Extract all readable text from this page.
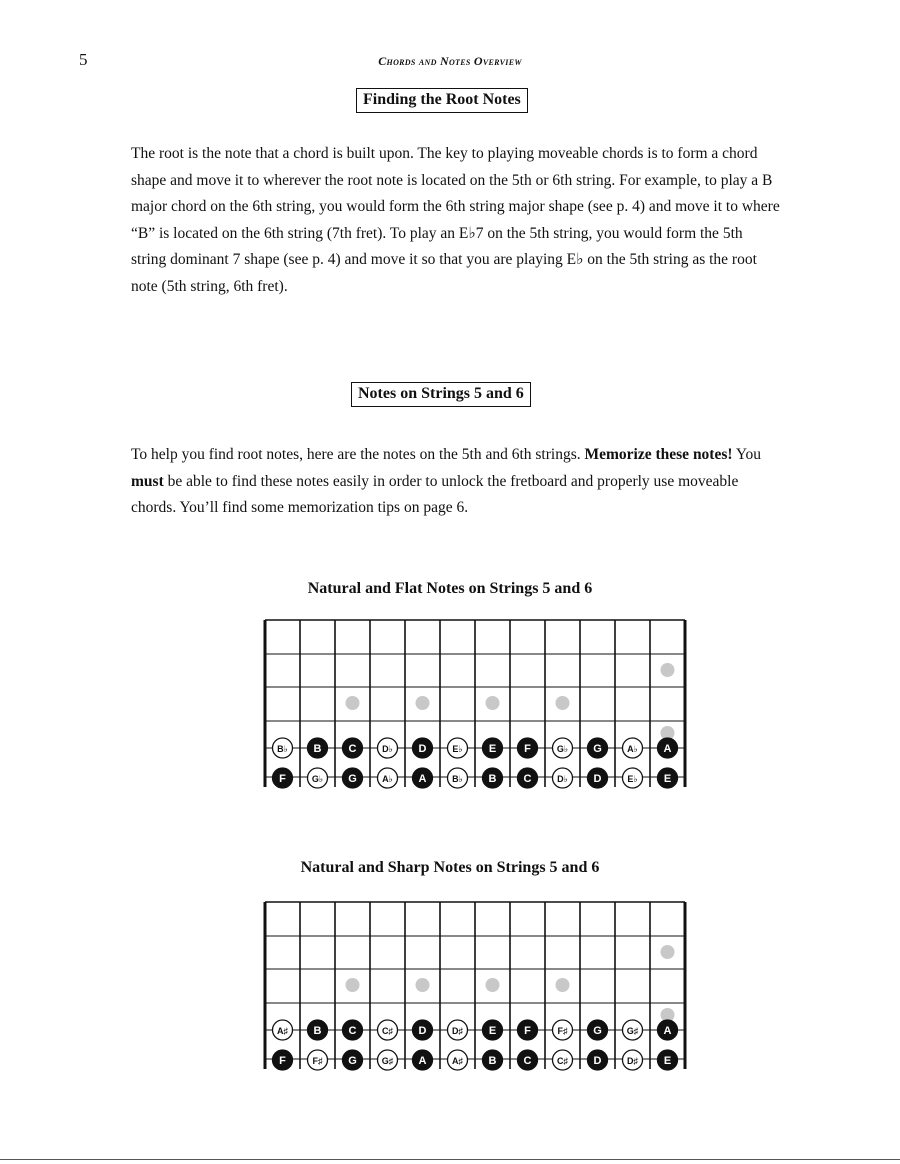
5	Chords and Notes Overview
Finding the Root Notes

The root is the note that a chord is built upon. The key to playing moveable chords is to form a chord shape and move it to wherever the root note is located on the 5th or 6th string. For example, to play a B major chord on the 6th string, you would form the 6th string major shape (see p. 4) and move it to where “B” is located on the 6th string (7th fret). To play an E♭7 on the 5th string, you would form the 5th string dominant 7 shape (see p. 4) and move it so that you are playing E♭ on the 5th string as the root note (5th string, 6th fret).

Notes on Strings 5 and 6

To help you find root notes, here are the notes on the 5th and 6th strings. Memorize these notes! You must be able to find these notes easily in order to unlock the fretboard and properly use moveable chords. You’ll find some memorization tips on page 6.

Natural and Flat Notes on Strings 5 and 6
B♭ B C	D♭ D	E♭ E	F	G♭ G	A♭ A
F	G♭ G	A♭ A	B♭ B C	D♭ D	E♭ E
Natural and Sharp Notes on Strings 5 and 6
A♯ B C	C♯ D	D♯ E	F	F♯ G	G♯ A
F	F♯ G	G♯ A	A♯ B C	C♯ D	D♯ E
